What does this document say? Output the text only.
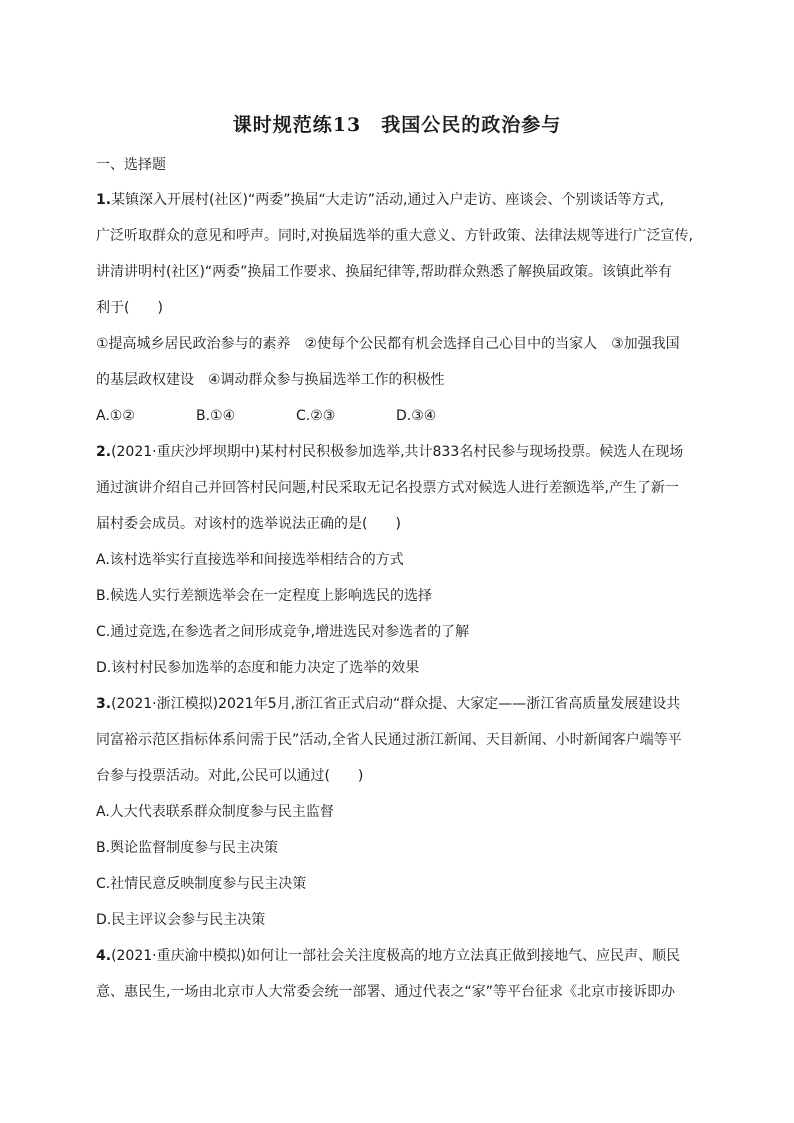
课时规范练13　我国公民的政治参与
一、选择题
1.某镇深入开展村(社区)“两委”换届“大走访”活动,通过入户走访、座谈会、个别谈话等方式,
广泛听取群众的意见和呼声。同时,对换届选举的重大意义、方针政策、法律法规等进行广泛宣传,
讲清讲明村(社区)“两委”换届工作要求、换届纪律等,帮助群众熟悉了解换届政策。该镇此举有
利于(　　)
①提高城乡居民政治参与的素养　②使每个公民都有机会选择自己心目中的当家人　③加强我国
的基层政权建设　④调动群众参与换届选举工作的积极性
A.①②	B.①④	C.②③	D.③④
2.(2021·重庆沙坪坝期中)某村村民积极参加选举,共计833名村民参与现场投票。候选人在现场
通过演讲介绍自己并回答村民问题,村民采取无记名投票方式对候选人进行差额选举,产生了新一
届村委会成员。对该村的选举说法正确的是(　　)
A.该村选举实行直接选举和间接选举相结合的方式
B.候选人实行差额选举会在一定程度上影响选民的选择
C.通过竞选,在参选者之间形成竞争,增进选民对参选者的了解
D.该村村民参加选举的态度和能力决定了选举的效果
3.(2021·浙江模拟)2021年5月,浙江省正式启动“群众提、大家定——浙江省高质量发展建设共
同富裕示范区指标体系问需于民”活动,全省人民通过浙江新闻、天目新闻、小时新闻客户端等平
台参与投票活动。对此,公民可以通过(　　)
A.人大代表联系群众制度参与民主监督
B.舆论监督制度参与民主决策
C.社情民意反映制度参与民主决策
D.民主评议会参与民主决策
4.(2021·重庆渝中模拟)如何让一部社会关注度极高的地方立法真正做到接地气、应民声、顺民
意、惠民生,一场由北京市人大常委会统一部署、通过代表之“家”等平台征求《北京市接诉即办
